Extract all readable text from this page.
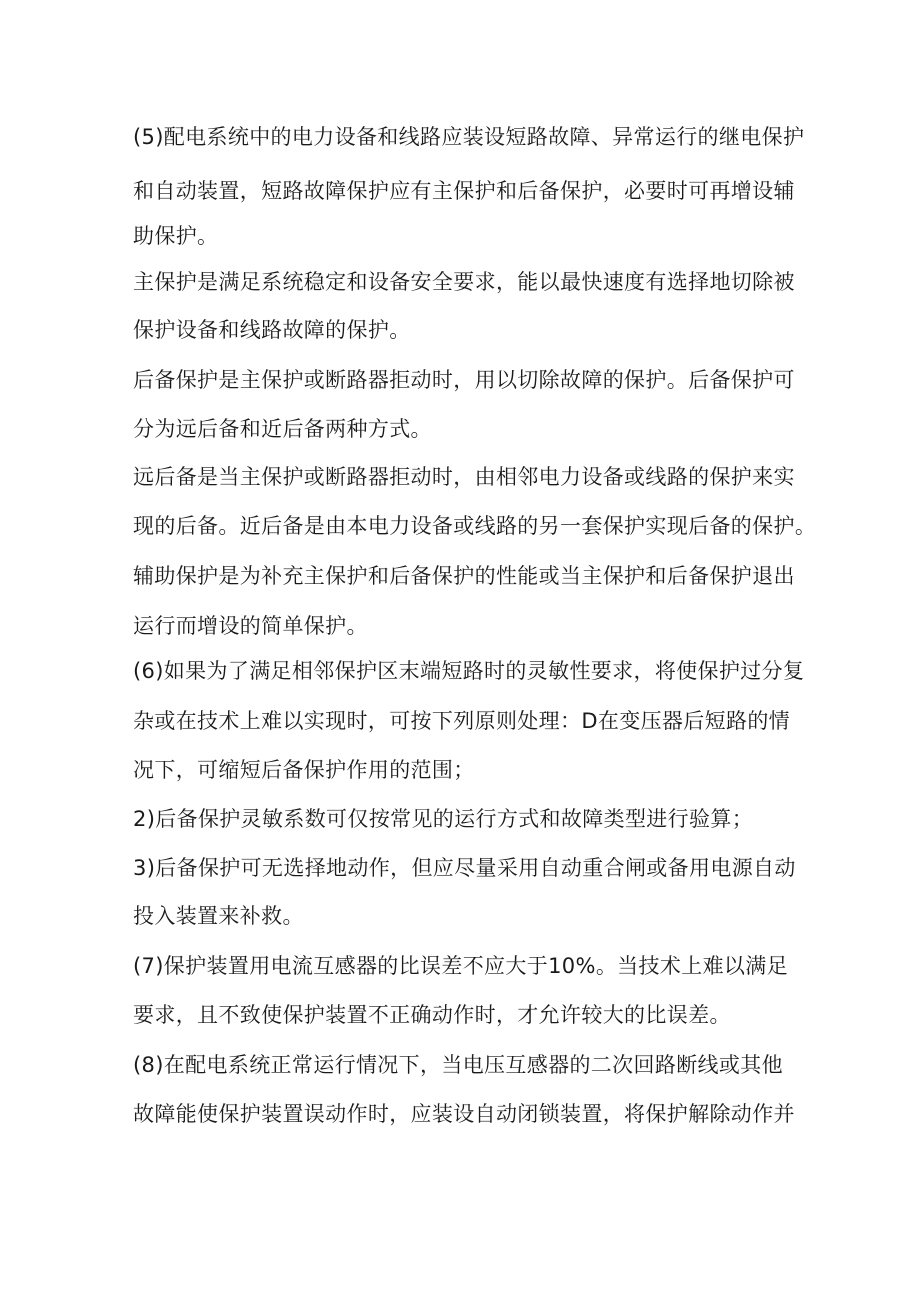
(5)配电系统中的电力设备和线路应装设短路故障、异常运行的继电保护

和自动装置，短路故障保护应有主保护和后备保护，必要时可再增设辅

助保护。

主保护是满足系统稳定和设备安全要求，能以最快速度有选择地切除被

保护设备和线路故障的保护。

后备保护是主保护或断路器拒动时，用以切除故障的保护。后备保护可

分为远后备和近后备两种方式。

远后备是当主保护或断路器拒动时，由相邻电力设备或线路的保护来实

现的后备。近后备是由本电力设备或线路的另一套保护实现后备的保护。

辅助保护是为补充主保护和后备保护的性能或当主保护和后备保护退出

运行而增设的简单保护。

(6)如果为了满足相邻保护区末端短路时的灵敏性要求，将使保护过分复

杂或在技术上难以实现时，可按下列原则处理：D在变压器后短路的情

况下，可缩短后备保护作用的范围；

2)后备保护灵敏系数可仅按常见的运行方式和故障类型进行验算；

3)后备保护可无选择地动作，但应尽量采用自动重合闸或备用电源自动

投入装置来补救。

(7)保护装置用电流互感器的比误差不应大于10%。当技术上难以满足

要求，且不致使保护装置不正确动作时，才允许较大的比误差。

(8)在配电系统正常运行情况下，当电压互感器的二次回路断线或其他

故障能使保护装置误动作时，应装设自动闭锁装置，将保护解除动作并
